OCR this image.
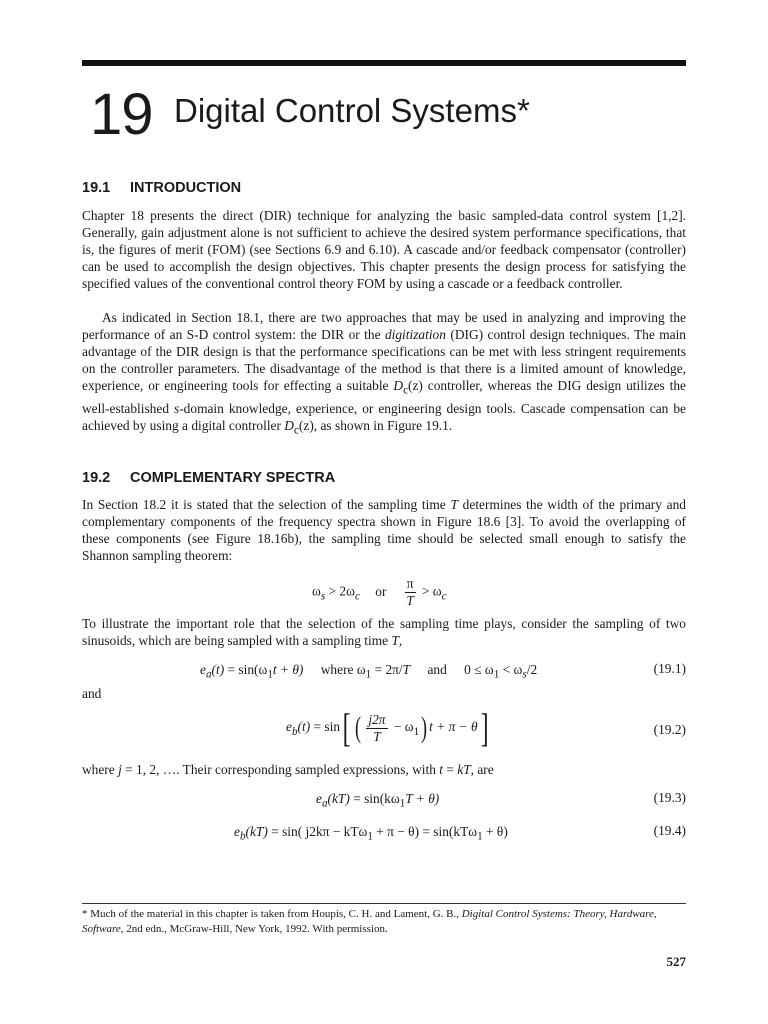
19 Digital Control Systems*
19.1 INTRODUCTION
Chapter 18 presents the direct (DIR) technique for analyzing the basic sampled-data control system [1,2]. Generally, gain adjustment alone is not sufficient to achieve the desired system performance specifications, that is, the figures of merit (FOM) (see Sections 6.9 and 6.10). A cascade and/or feedback compensator (controller) can be used to accomplish the design objectives. This chapter presents the design process for satisfying the specified values of the conventional control theory FOM by using a cascade or a feedback controller.
As indicated in Section 18.1, there are two approaches that may be used in analyzing and improving the performance of an S-D control system: the DIR or the digitization (DIG) control design techniques. The main advantage of the DIR design is that the performance specifications can be met with less stringent requirements on the controller parameters. The disadvantage of the method is that there is a limited amount of knowledge, experience, or engineering tools for effecting a suitable $D_c(z)$ controller, whereas the DIG design utilizes the well-established s-domain knowledge, experience, or engineering design tools. Cascade compensation can be achieved by using a digital controller $D_c(z)$, as shown in Figure 19.1.
19.2 COMPLEMENTARY SPECTRA
In Section 18.2 it is stated that the selection of the sampling time T determines the width of the primary and complementary components of the frequency spectra shown in Figure 18.6 [3]. To avoid the overlapping of these components (see Figure 18.16b), the sampling time should be selected small enough to satisfy the Shannon sampling theorem:
$\omega_s > 2\omega_c$ or $\frac{\pi}{T} > \omega_c$
To illustrate the important role that the selection of the sampling time plays, consider the sampling of two sinusoids, which are being sampled with a sampling time T,
$e_a(t) = \sin(\omega_1t + \theta)$ where $\omega_1 = 2\pi/T$ and $0 \le \omega_1 < \omega_s/2$	(19.1)
and
$e_b(t) = \sin$[ ( $\frac{j2\pi}{T} - \omega_1$) t + π − θ]	(19.2)
where j = 1, 2, …. Their corresponding sampled expressions, with t = kT, are
$e_a(kT) = \sin(k\omega_1T + \theta)$	(19.3)
$e_b(kT) = \sin$( j2kπ − kTω$_1$ + π − θ) = sin(kTω$_1$ + θ)	(19.4)
* Much of the material in this chapter is taken from Houpis, C. H. and Lament, G. B., Digital Control Systems: Theory, Hardware, Software, 2nd edn., McGraw-Hill, New York, 1992. With permission.
527
